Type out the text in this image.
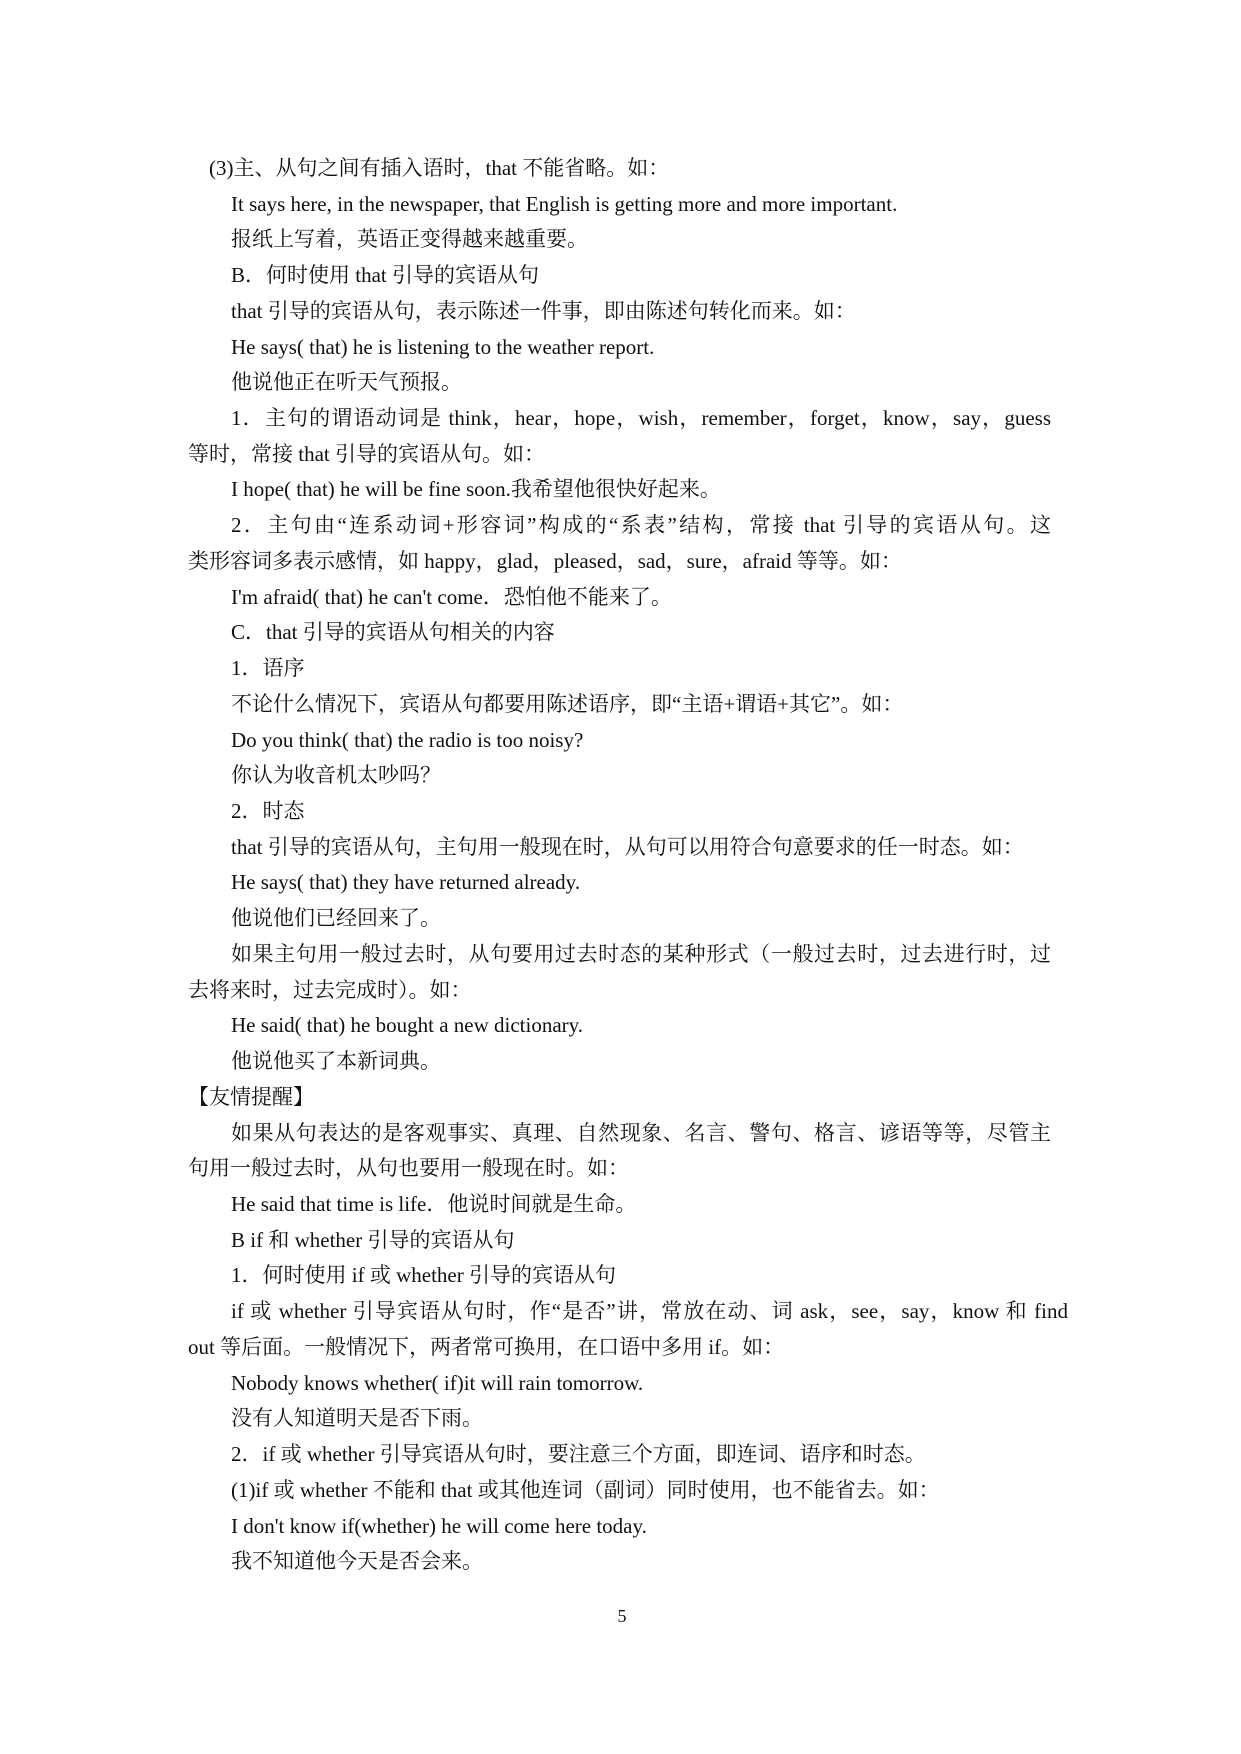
(3)主、从句之间有插入语时，that 不能省略。如：
It says here, in the newspaper, that English is getting more and more important.
报纸上写着，英语正变得越来越重要。
B．何时使用 that 引导的宾语从句
that 引导的宾语从句，表示陈述一件事，即由陈述句转化而来。如：
He says( that) he is listening to the weather report.
他说他正在听天气预报。
1．主句的谓语动词是 think，hear，hope，wish，remember，forget，know，say，guess
等时，常接 that 引导的宾语从句。如：
I hope( that) he will be fine soon.我希望他很快好起来。
2．主句由“连系动词+形容词”构成的“系表”结构，常接 that 引导的宾语从句。这
类形容词多表示感情，如 happy，glad，pleased，sad，sure，afraid 等等。如：
I'm afraid( that) he can't come．恐怕他不能来了。
C．that 引导的宾语从句相关的内容
1．语序
不论什么情况下，宾语从句都要用陈述语序，即“主语+谓语+其它”。如：
Do you think( that) the radio is too noisy?
你认为收音机太吵吗？
2．时态
that 引导的宾语从句，主句用一般现在时，从句可以用符合句意要求的任一时态。如：
He says( that) they have returned already.
他说他们已经回来了。
如果主句用一般过去时，从句要用过去时态的某种形式（一般过去时，过去进行时，过
去将来时，过去完成时）。如：
He said( that) he bought a new dictionary.
他说他买了本新词典。
【友情提醒】
如果从句表达的是客观事实、真理、自然现象、名言、警句、格言、谚语等等，尽管主
句用一般过去时，从句也要用一般现在时。如：
He said that time is life．他说时间就是生命。
B if 和 whether 引导的宾语从句
1．何时使用 if 或 whether 引导的宾语从句
if 或 whether 引导宾语从句时，作“是否”讲，常放在动、词 ask，see，say，know 和 find
out 等后面。一般情况下，两者常可换用，在口语中多用 if。如：
Nobody knows whether( if)it will rain tomorrow.
没有人知道明天是否下雨。
2．if 或 whether 引导宾语从句时，要注意三个方面，即连词、语序和时态。
(1)if 或 whether 不能和 that 或其他连词（副词）同时使用，也不能省去。如：
I don't know if(whether) he will come here today.
我不知道他今天是否会来。
5
